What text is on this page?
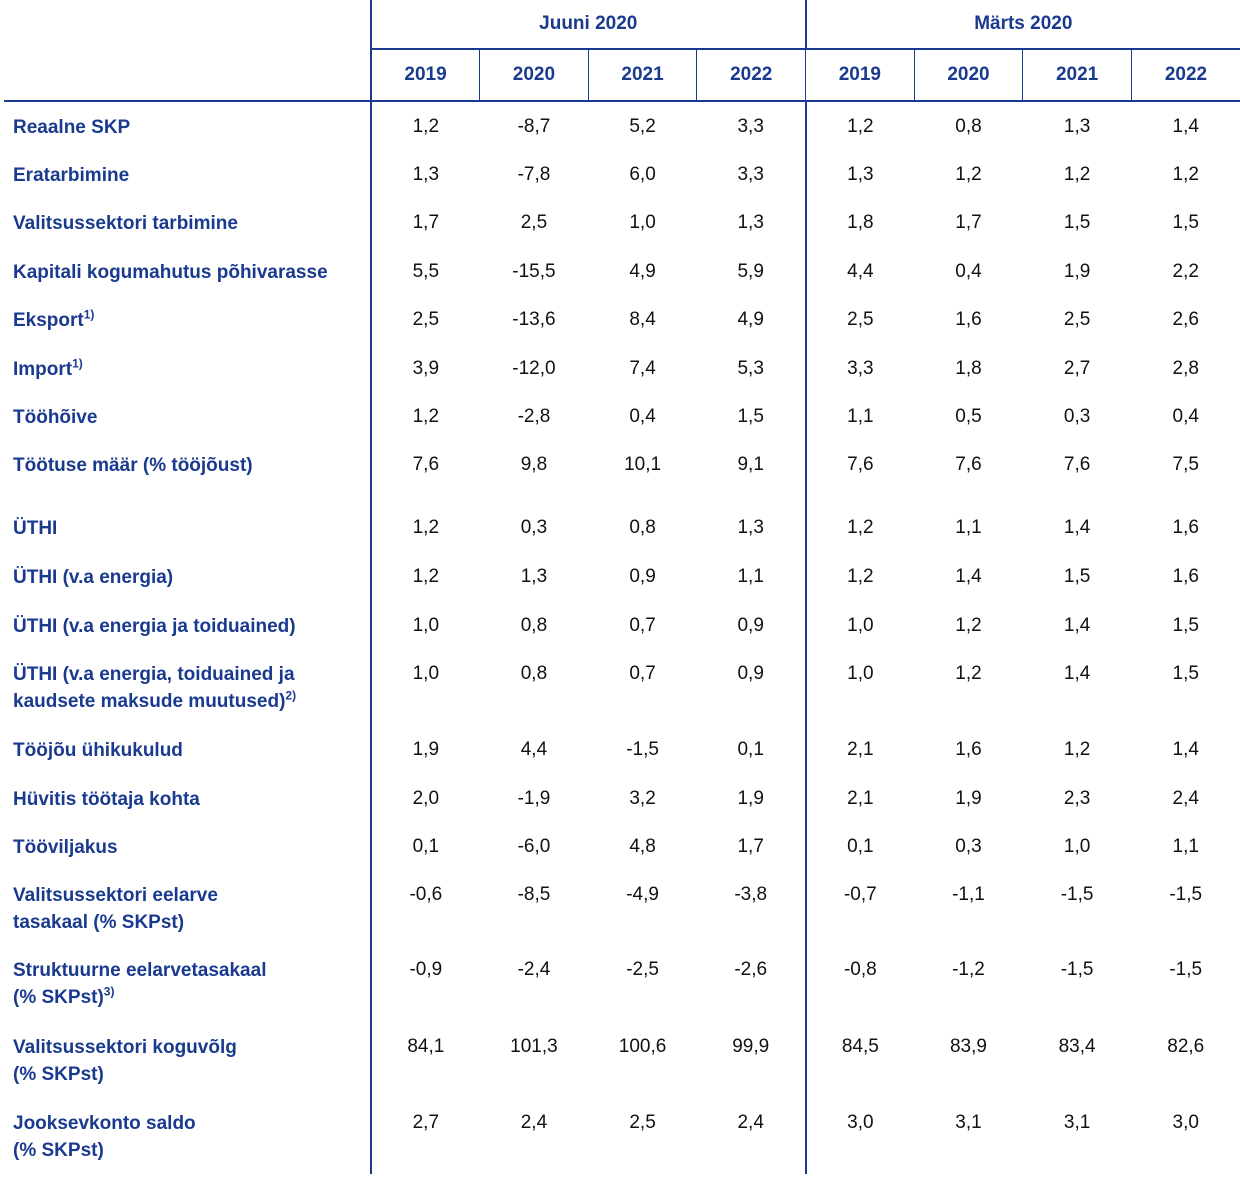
	Juuni 2020				Märts 2020			
	2019	2020	2021	2022	2019	2020	2021	2022
Reaalne SKP	1,2	-8,7	5,2	3,3	1,2	0,8	1,3	1,4
Eratarbimine	1,3	-7,8	6,0	3,3	1,3	1,2	1,2	1,2
Valitsussektori tarbimine	1,7	2,5	1,0	1,3	1,8	1,7	1,5	1,5
Kapitali kogumahutus põhivarasse	5,5	-15,5	4,9	5,9	4,4	0,4	1,9	2,2
Eksport$^{1)}$	2,5	-13,6	8,4	4,9	2,5	1,6	2,5	2,6
Import$^{1)}$	3,9	-12,0	7,4	5,3	3,3	1,8	2,7	2,8
Tööhõive	1,2	-2,8	0,4	1,5	1,1	0,5	0,3	0,4
Töötuse määr (% tööjõust)	7,6	9,8	10,1	9,1	7,6	7,6	7,6	7,5
ÜTHI	1,2	0,3	0,8	1,3	1,2	1,1	1,4	1,6
ÜTHI (v.a energia)	1,2	1,3	0,9	1,1	1,2	1,4	1,5	1,6
ÜTHI (v.a energia ja toiduained)	1,0	0,8	0,7	0,9	1,0	1,2	1,4	1,5
ÜTHI (v.a energia, toiduained ja
kaudsete maksude muutused)$^{2)}$	1,0	0,8	0,7	0,9	1,0	1,2	1,4	1,5
Tööjõu ühikukulud	1,9	4,4	-1,5	0,1	2,1	1,6	1,2	1,4
Hüvitis töötaja kohta	2,0	-1,9	3,2	1,9	2,1	1,9	2,3	2,4
Tööviljakus	0,1	-6,0	4,8	1,7	0,1	0,3	1,0	1,1
Valitsussektori eelarve
tasakaal (% SKPst)	-0,6	-8,5	-4,9	-3,8	-0,7	-1,1	-1,5	-1,5
Struktuurne eelarvetasakaal
(% SKPst)$^{3)}$	-0,9	-2,4	-2,5	-2,6	-0,8	-1,2	-1,5	-1,5
Valitsussektori koguvõlg
(% SKPst)	84,1	101,3	100,6	99,9	84,5	83,9	83,4	82,6
Jooksevkonto saldo
(% SKPst)	2,7	2,4	2,5	2,4	3,0	3,1	3,1	3,0
